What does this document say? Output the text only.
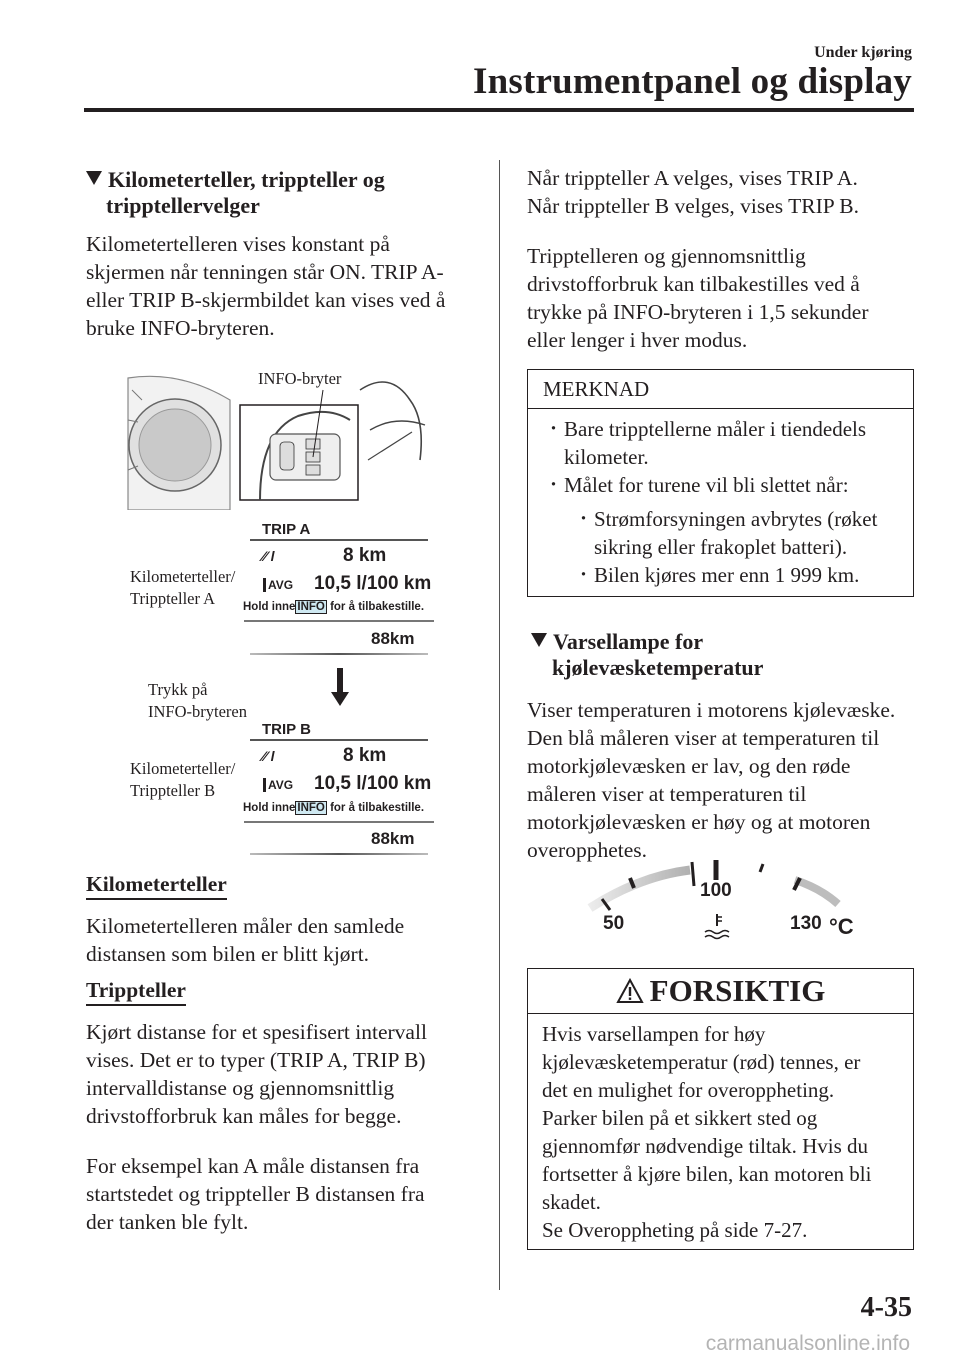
Under kjøring
Instrumentpanel og display
Kilometerteller, trippteller og
tripptellervelger
Kilometertelleren vises konstant på
skjermen når tenningen står ON. TRIP A-
eller TRIP B-skjermbildet kan vises ved å
bruke INFO-bryteren.
INFO-bryter
Kilometerteller/
Trippteller A
TRIP A
⁄⁄ l	8 km
AVG 10,5 l/100 km
Hold inne INFO for å tilbakestille.
88km
Trykk på
INFO-bryteren
Kilometerteller/
Trippteller B
TRIP B
⁄⁄ l	8 km
AVG 10,5 l/100 km
Hold inne INFO for å tilbakestille.
88km
Kilometerteller
Kilometertelleren måler den samlede
distansen som bilen er blitt kjørt.
Trippteller
Kjørt distanse for et spesifisert intervall
vises. Det er to typer (TRIP A, TRIP B)
intervalldistanse og gjennomsnittlig
drivstofforbruk kan måles for begge.
For eksempel kan A måle distansen fra
startstedet og trippteller B distansen fra
der tanken ble fylt.
Når trippteller A velges, vises TRIP A.
Når trippteller B velges, vises TRIP B.
Tripptelleren og gjennomsnittlig
drivstofforbruk kan tilbakestilles ved å
trykke på INFO-bryteren i 1,5 sekunder
eller lenger i hver modus.
MERKNAD
· Bare tripptellerne måler i tiendedels
kilometer.
· Målet for turene vil bli slettet når:
· Strømforsyningen avbrytes (røket
sikring eller frakoplet batteri).
· Bilen kjøres mer enn 1 999 km.
Varsellampe for
kjølevæsketemperatur
Viser temperaturen i motorens kjølevæske.
Den blå måleren viser at temperaturen til
motorkjølevæsken er lav, og den røde
måleren viser at temperaturen til
motorkjølevæsken er høy og at motoren
overopphetes.
50
100
130 °C
FORSIKTIG
Hvis varsellampen for høy
kjølevæsketemperatur (rød) tennes, er
det en mulighet for overoppheting.
Parker bilen på et sikkert sted og
gjennomfør nødvendige tiltak. Hvis du
fortsetter å kjøre bilen, kan motoren bli
skadet.
Se Overoppheting på side 7-27.
4-35
carmanualsonline.info
